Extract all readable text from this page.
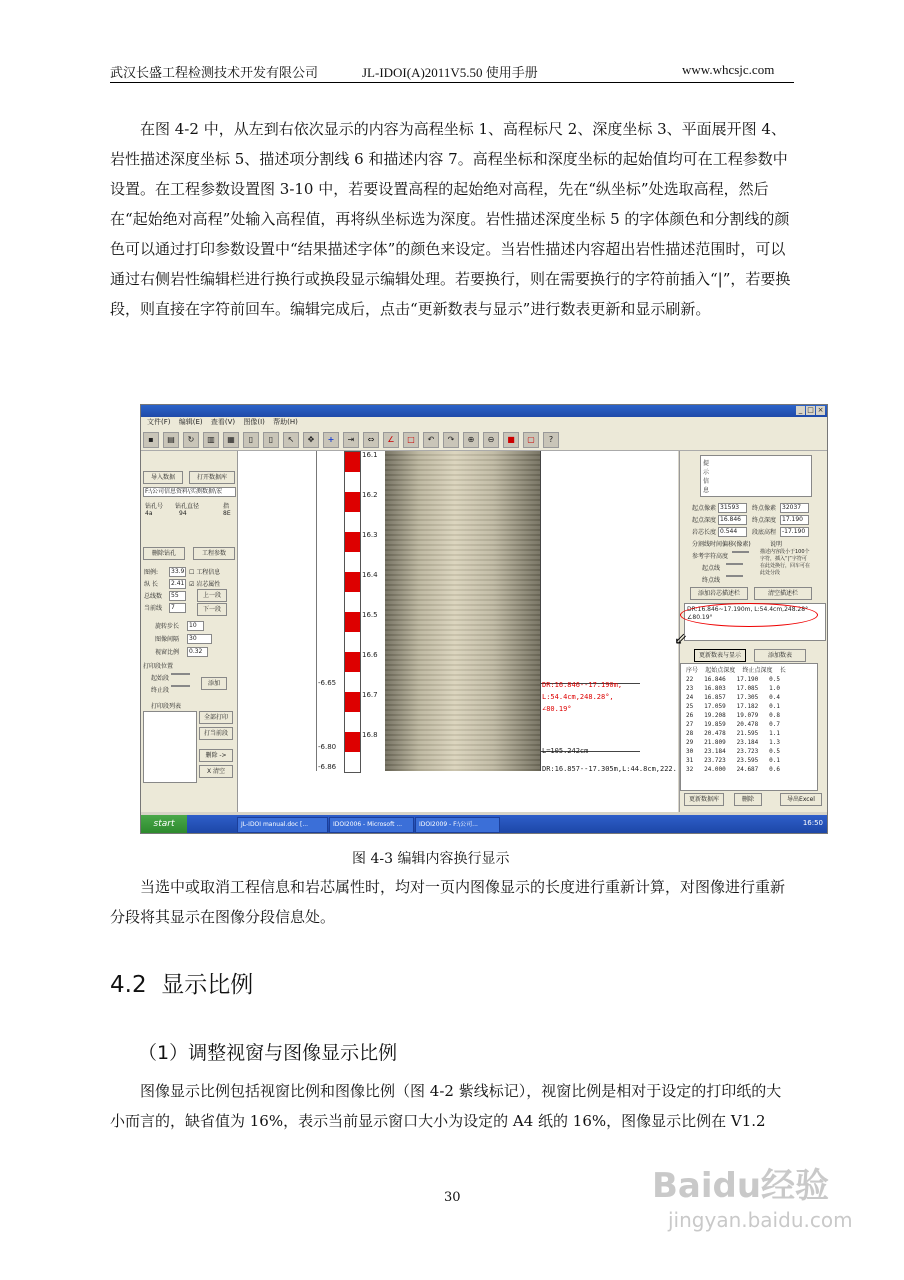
武汉长盛工程检测技术开发有限公司	JL-IDOI(A)2011V5.50 使用手册	www.whcsjc.com

在图 4-2 中，从左到右依次显示的内容为高程坐标 1、高程标尺 2、深度坐标 3、平面展开图 4、岩性描述深度坐标 5、描述项分割线 6 和描述内容 7。高程坐标和深度坐标的起始值均可在工程参数中设置。在工程参数设置图 3-10 中，若要设置高程的起始绝对高程，先在“纵坐标”处选取高程，然后在“起始绝对高程”处输入高程值，再将纵坐标选为深度。岩性描述深度坐标 5 的字体颜色和分割线的颜色可以通过打印参数设置中“结果描述字体”的颜色来设定。当岩性描述内容超出岩性描述范围时，可以通过右侧岩性编辑栏进行换行或换段显示编辑处理。若要换行，则在需要换行的字符前插入“|”，若要换段，则直接在字符前回车。编辑完成后，点击“更新数表与显示”进行数表更新和显示刷新。

_ □ ×
文件(F) 编辑(E) 查看(V) 图像(I) 帮助(H)
▪ ▤ ↻ ▥ ▦ ▯ ▯ ↖ ✥ + ⇥ ⇔ ∠ □ ↶ ↷ ⊕ ⊖ ■ ▢ ?
导入数据	打开数据库
F:\公司信息资料\实测数据\宏
钻孔号 钻孔直径	指
4a	94	8E
删除钻孔	工程参数
图例:	33.9
纵 长	2.41
总线数	55
当前线	7
☐ 工程信息
☑ 岩芯属性
上一段
下一段
旋转步长	10
图像间隔	30
视窗比例	0.32
打印段位置
起始段
终止段
添加
打印段列表
全部打印
打当前段
删除 ->
X 清空
16.1
16.2
16.3
16.4
16.5
16.6
16.7
16.8
-6.65
-6.80
-6.86
DR:16.846--17.190m,
L:54.4cm,248.28°,
∠80.19°
L=105.242cm
DR:16.857--17.305m,L:44.8cm,222.
提示信息
起点像素 31593	终点像素 32037
起点深度 16.846	终点深度 17.190
岩芯长度 0.544	段底高程 -17.190
分割线时间偏移(像素)
参考字符高度
起点线
终点线
说明
描述内容段小于100个字符，插入“|”字符可在此处换行，回车可在此处分段
添加岩芯描述栏	清空描述栏
DR:16.846~17.190m, L:54.4cm,248.28° ∠80.19°
⇙
更新数表与显示	添加数表
序号 起始点深度 终止点深度 长
22 16.846 17.190 0.5
23 16.803 17.085 1.0
24 16.857 17.305 0.4
25 17.059 17.182 0.1
26 19.208 19.079 0.8
27 19.859 20.478 0.7
28 20.478 21.595 1.1
29 21.809 23.184 1.3
30 23.184 23.723 0.5
31 23.723 23.595 0.1
32 24.000 24.687 0.6
更新数据库	删除	导出Excel
start	JL-IDOI manual.doc [...	IDOI2006 - Microsoft ...	IDOI2009 - F:\公司...	16:50
图 4-3 编辑内容换行显示

当选中或取消工程信息和岩芯属性时，均对一页内图像显示的长度进行重新计算，对图像进行重新分段将其显示在图像分段信息处。

4.2 显示比例
（1）调整视窗与图像显示比例

图像显示比例包括视窗比例和图像比例（图 4-2 紫线标记），视窗比例是相对于设定的打印纸的大小而言的，缺省值为 16%，表示当前显示窗口大小为设定的 A4 纸的 16%，图像显示比例在 V1.2

30	Baidu经验
jingyan.baidu.com
